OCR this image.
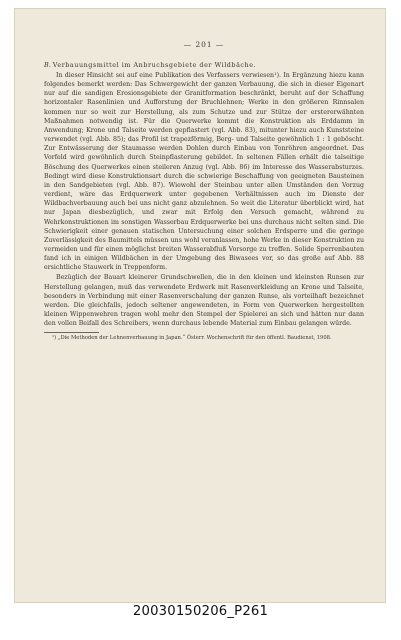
— 201 —
B. Verbauungsmittel im Anbruchsgebiete der Wildbäche.

In dieser Hinsicht sei auf eine Publikation des Verfassers verwiesen¹). In Ergänzung hiezu kann folgendes bemerkt werden: Das Schwergewicht der ganzen Verbauung, die sich in dieser Eigenart nur auf die sandigen Erosionsgebiete der Granitformation beschränkt, beruht auf der Schaffung horizontaler Rasenlinien und Aufforstung der Bruchlehnen; Werke in den größeren Rinnsalen kommen nur so weit zur Herstellung, als zum Schutze und zur Stütze der erstererwähnten Maßnahmen notwendig ist. Für die Querwerke kommt die Konstruktion als Erddamm in Anwendung; Krone und Talseite werden gepflastert (vgl. Abb. 83), mitunter hiezu auch Kunststeine verwendet (vgl. Abb. 85); das Profil ist trapezförmig, Berg- und Talseite gewöhnlich 1 : 1 geböscht. Zur Entwässerung der Staumasse werden Dohlen durch Einbau von Tonröhren angeordnet. Das Vorfeld wird gewöhnlich durch Steinpflasterung gebildet. In seltenen Fällen erhält die talseitige Böschung des Querwerkes einen steileren Anzug (vgl. Abb. 86) im Interesse des Wasserabsturzes. Bedingt wird diese Konstruktionsart durch die schwierige Beschaffung von geeigneten Bausteinen in den Sandgebieten (vgl. Abb. 87). Wiewohl der Steinbau unter allen Umständen den Vorzug verdient, wäre das Erdquerwerk unter gegebenen Verhältnissen auch im Dienste der Wildbachverbauung auch bei uns nicht ganz abzulehnen. So weit die Literatur überblickt wird, hat nur Japan diesbezüglich, und zwar mit Erfolg den Versuch gemacht, während zu Wehrkonstruktionen im sonstigen Wasserbau Erdquerwerke bei uns durchaus nicht selten sind. Die Schwierigkeit einer genauen statischen Untersuchung einer solchen Erdsperre und die geringe Zuverlässigkeit des Baumittels müssen uns wohl veranlassen, hohe Werke in dieser Konstruktion zu vermeiden und für einen möglichst breiten Wasserabfluß Vorsorge zu treffen. Solide Sperrenbauten fand ich in einigen Wildbächen in der Umgebung des Biwasees vor, so das große auf Abb. 88 ersichtliche Stauwerk in Treppenform.

Bezüglich der Bauart kleinerer Grundschwellen, die in den kleinen und kleinsten Runsen zur Herstellung gelangen, muß das verwendete Erdwerk mit Rasenverkleidung an Krone und Talseite, besonders in Verbindung mit einer Rasenverschalung der ganzen Runse, als vorteilhaft bezeichnet werden. Die gleichfalls, jedoch seltener angewendeten, in Form von Querwerken hergestellten kleinen Wippenwehren tragen wohl mehr den Stempel der Spielerei an sich und hätten nur dann den vollen Beifall des Schreibers, wenn durchaus lebende Material zum Einbau gelangen würde.

¹) „Die Methoden der Lehnenverbauung in Japan.“ Österr. Wochenschrift für den öffentl. Baudienst, 1908.
20030150206_P261
